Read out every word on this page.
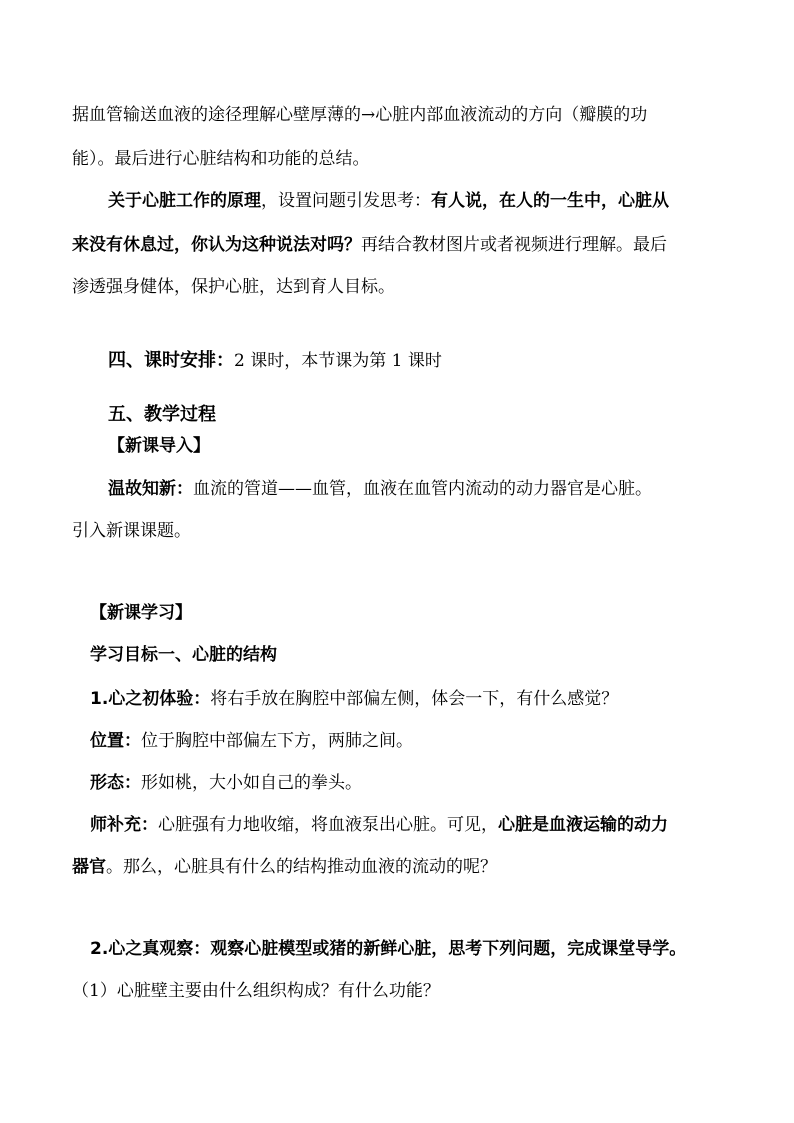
据血管输送血液的途径理解心壁厚薄的→心脏内部血液流动的方向（瓣膜的功
能）。最后进行心脏结构和功能的总结。
关于心脏工作的原理，设置问题引发思考：有人说，在人的一生中，心脏从
来没有休息过，你认为这种说法对吗？再结合教材图片或者视频进行理解。最后
渗透强身健体，保护心脏，达到育人目标。
四、课时安排：2 课时，本节课为第 1 课时
五、教学过程
【新课导入】
温故知新：血流的管道——血管，血液在血管内流动的动力器官是心脏。
引入新课课题。
【新课学习】
学习目标一、心脏的结构
1.心之初体验：将右手放在胸腔中部偏左侧，体会一下，有什么感觉？
位置：位于胸腔中部偏左下方，两肺之间。
形态：形如桃，大小如自己的拳头。
师补充：心脏强有力地收缩，将血液泵出心脏。可见，心脏是血液运输的动力
器官。那么，心脏具有什么的结构推动血液的流动的呢？
2.心之真观察：观察心脏模型或猪的新鲜心脏，思考下列问题，完成课堂导学。
（1）心脏壁主要由什么组织构成？有什么功能？
